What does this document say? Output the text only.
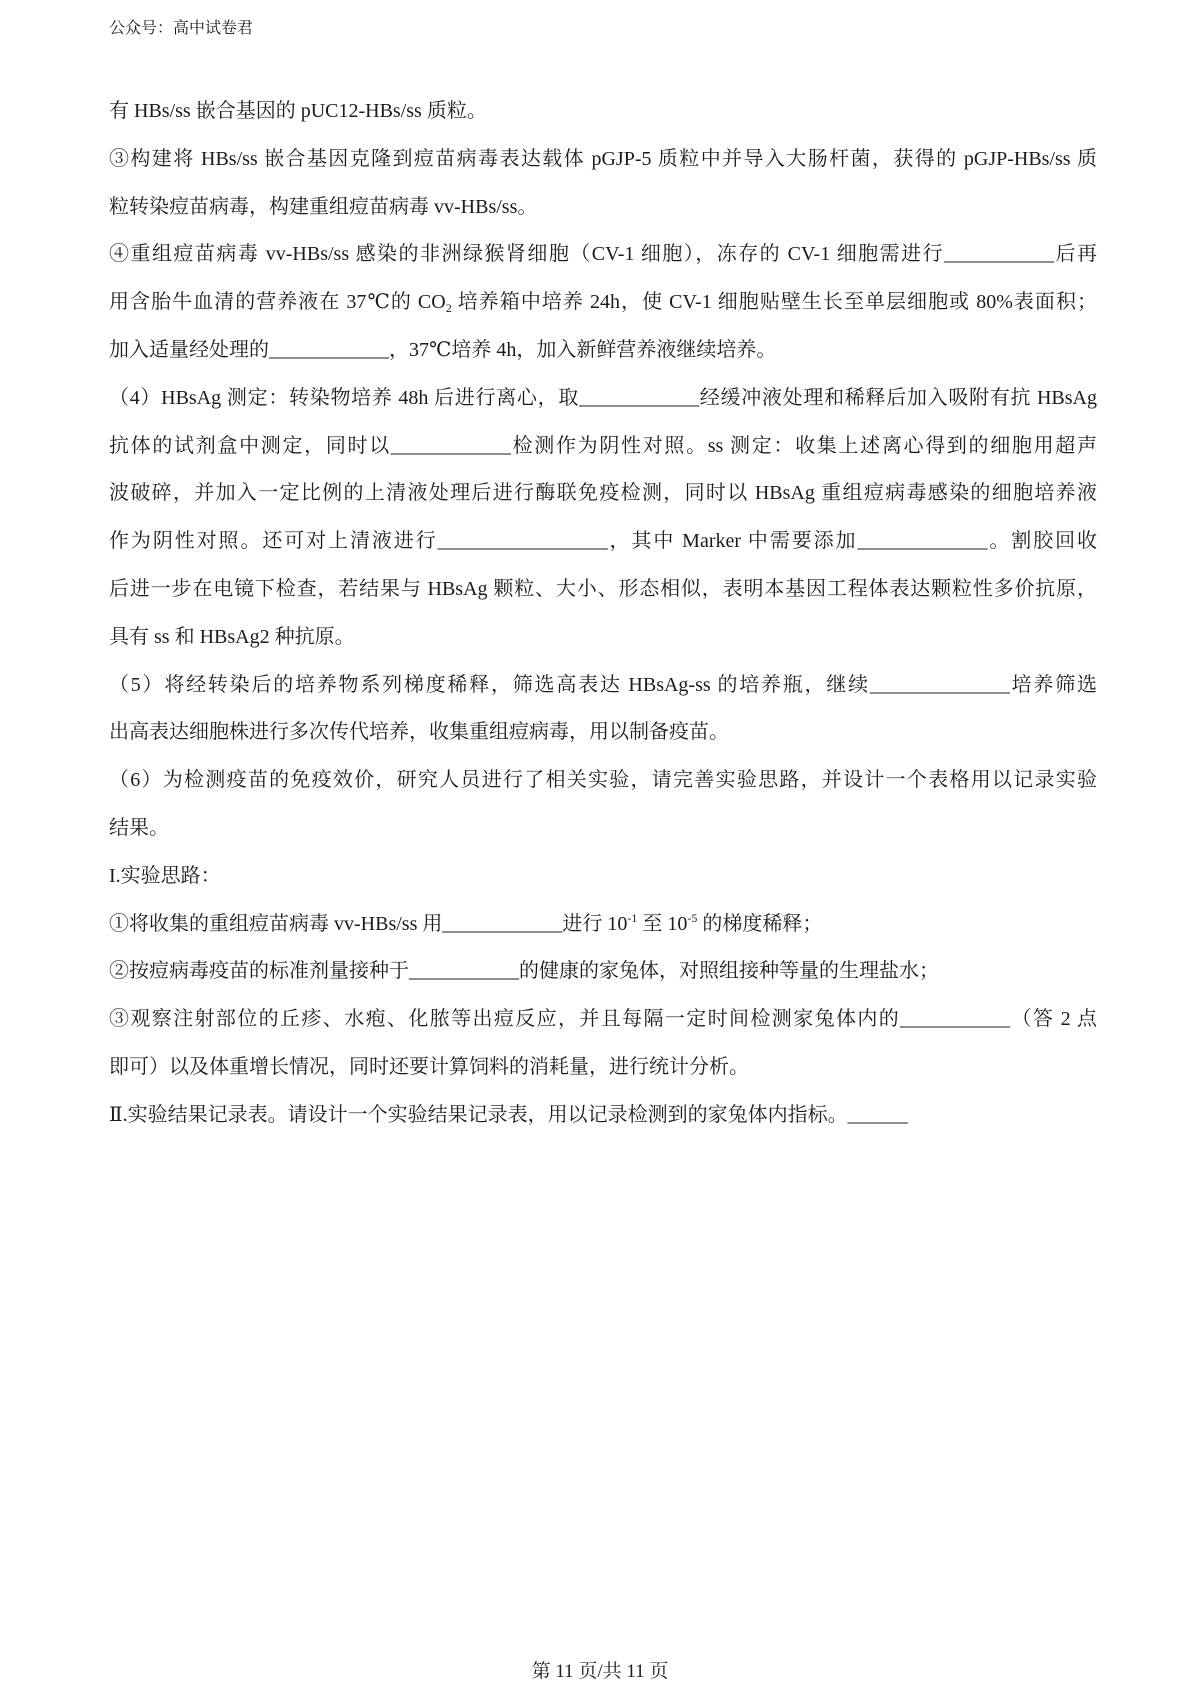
公众号：高中试卷君
有 HBs/ss 嵌合基因的 pUC12-HBs/ss 质粒。
③构建将 HBs/ss 嵌合基因克隆到痘苗病毒表达载体 pGJP-5 质粒中并导入大肠杆菌，获得的 pGJP-HBs/ss 质
粒转染痘苗病毒，构建重组痘苗病毒 vv-HBs/ss。
④重组痘苗病毒 vv-HBs/ss 感染的非洲绿猴肾细胞（CV-1 细胞），冻存的 CV-1 细胞需进行___________后再
用含胎牛血清的营养液在 37℃的 $CO_2$ 培养箱中培养 24h，使 CV-1 细胞贴壁生长至单层细胞或 80%表面积；
加入适量经处理的____________，37℃培养 4h，加入新鲜营养液继续培养。
（4）HBsAg 测定：转染物培养 48h 后进行离心，取____________经缓冲液处理和稀释后加入吸附有抗 HBsAg
抗体的试剂盒中测定，同时以____________检测作为阴性对照。ss 测定：收集上述离心得到的细胞用超声
波破碎，并加入一定比例的上清液处理后进行酶联免疫检测，同时以 HBsAg 重组痘病毒感染的细胞培养液
作为阴性对照。还可对上清液进行_________________，其中 Marker 中需要添加_____________。割胶回收
后进一步在电镜下检查，若结果与 HBsAg 颗粒、大小、形态相似，表明本基因工程体表达颗粒性多价抗原，
具有 ss 和 HBsAg2 种抗原。
（5）将经转染后的培养物系列梯度稀释，筛选高表达 HBsAg-ss 的培养瓶，继续______________培养筛选
出高表达细胞株进行多次传代培养，收集重组痘病毒，用以制备疫苗。
（6）为检测疫苗的免疫效价，研究人员进行了相关实验，请完善实验思路，并设计一个表格用以记录实验
结果。
I.实验思路：
①将收集的重组痘苗病毒 vv-HBs/ss 用____________进行 $10^{-1}$ 至 $10^{-5}$ 的梯度稀释；
②按痘病毒疫苗的标准剂量接种于___________的健康的家兔体，对照组接种等量的生理盐水；
③观察注射部位的丘疹、水疱、化脓等出痘反应，并且每隔一定时间检测家兔体内的___________（答 2 点
即可）以及体重增长情况，同时还要计算饲料的消耗量，进行统计分析。
Ⅱ.实验结果记录表。请设计一个实验结果记录表，用以记录检测到的家兔体内指标。______
第 11 页/共 11 页
